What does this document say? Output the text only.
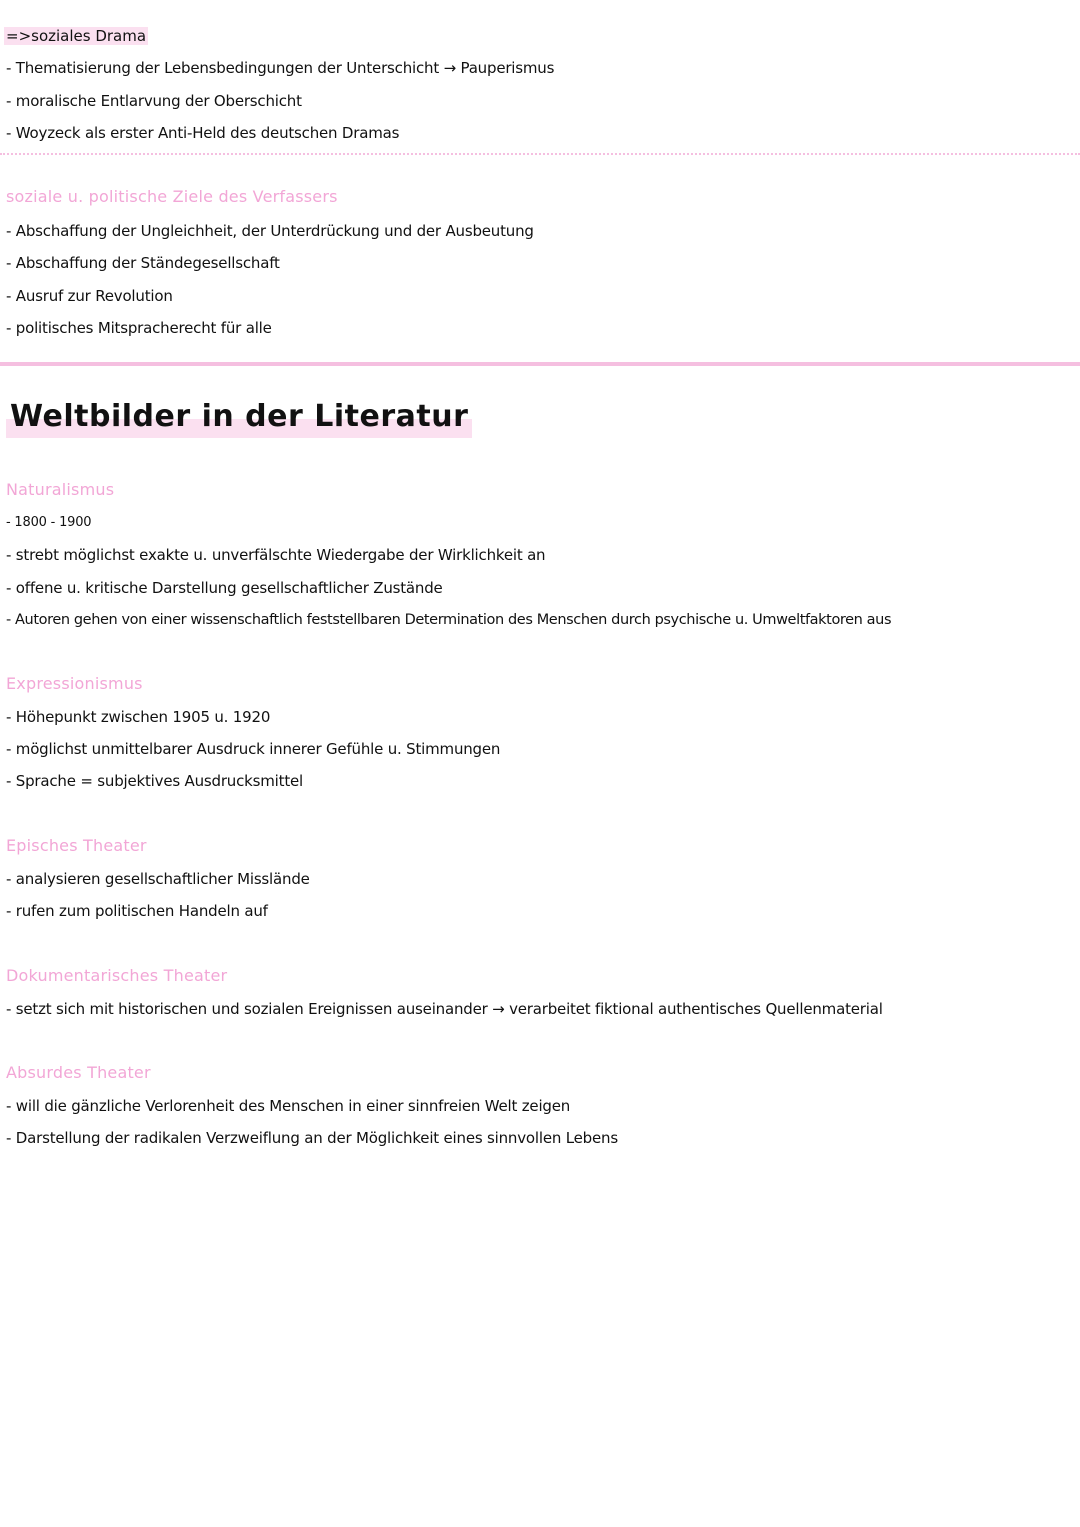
=>soziales Drama
- Thematisierung der Lebensbedingungen der Unterschicht → Pauperismus
- moralische Entlarvung der Oberschicht
- Woyzeck als erster Anti-Held des deutschen Dramas
soziale u. politische Ziele des Verfassers
- Abschaffung der Ungleichheit, der Unterdrückung und der Ausbeutung
- Abschaffung der Ständegesellschaft
- Ausruf zur Revolution
- politisches Mitspracherecht für alle
Weltbilder in der Literatur
Naturalismus
- 1800 - 1900
- strebt möglichst exakte u. unverfälschte Wiedergabe der Wirklichkeit an
- offene u. kritische Darstellung gesellschaftlicher Zustände
- Autoren gehen von einer wissenschaftlich feststellbaren Determination des Menschen durch psychische u. Umweltfaktoren aus
Expressionismus
- Höhepunkt zwischen 1905 u. 1920
- möglichst unmittelbarer Ausdruck innerer Gefühle u. Stimmungen
- Sprache = subjektives Ausdrucksmittel
Episches Theater
- analysieren gesellschaftlicher Misslände
- rufen zum politischen Handeln auf
Dokumentarisches Theater
- setzt sich mit historischen und sozialen Ereignissen auseinander → verarbeitet fiktional authentisches Quellenmaterial
Absurdes Theater
- will die gänzliche Verlorenheit des Menschen in einer sinnfreien Welt zeigen
- Darstellung der radikalen Verzweiflung an der Möglichkeit eines sinnvollen Lebens
